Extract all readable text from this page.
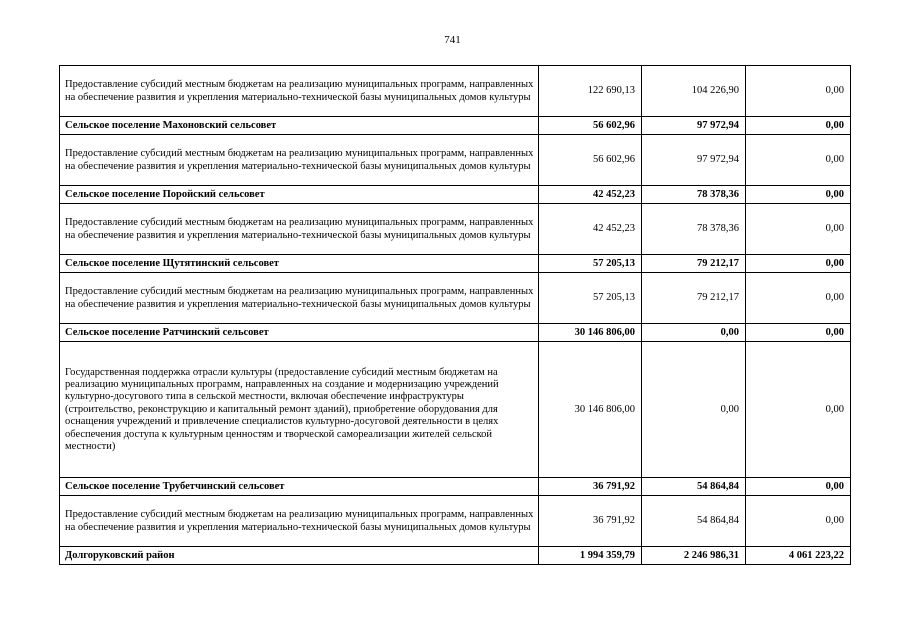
741
Предоставление субсидий местным бюджетам на реализацию муниципальных программ, направленных на обеспечение развития и укрепления материально-технической базы муниципальных домов культуры	122 690,13	104 226,90	0,00
Сельское поселение Махоновский сельсовет	56 602,96	97 972,94	0,00
Предоставление субсидий местным бюджетам на реализацию муниципальных программ, направленных на обеспечение развития и укрепления материально-технической базы муниципальных домов культуры	56 602,96	97 972,94	0,00
Сельское поселение Поройский сельсовет	42 452,23	78 378,36	0,00
Предоставление субсидий местным бюджетам на реализацию муниципальных программ, направленных на обеспечение развития и укрепления материально-технической базы муниципальных домов культуры	42 452,23	78 378,36	0,00
Сельское поселение Щутятинский сельсовет	57 205,13	79 212,17	0,00
Предоставление субсидий местным бюджетам на реализацию муниципальных программ, направленных на обеспечение развития и укрепления материально-технической базы муниципальных домов культуры	57 205,13	79 212,17	0,00
Сельское поселение Ратчинский сельсовет	30 146 806,00	0,00	0,00
Государственная поддержка отрасли культуры (предоставление субсидий местным бюджетам на реализацию муниципальных программ, направленных на создание и модернизацию учреждений культурно-досугового типа в сельской местности, включая обеспечение инфраструктуры (строительство, реконструкцию и капитальный ремонт зданий), приобретение оборудования для оснащения учреждений и привлечение специалистов культурно-досуговой деятельности в целях обеспечения доступа к культурным ценностям и творческой самореализации жителей сельской местности)	30 146 806,00	0,00	0,00
Сельское поселение Трубетчинский сельсовет	36 791,92	54 864,84	0,00
Предоставление субсидий местным бюджетам на реализацию муниципальных программ, направленных на обеспечение развития и укрепления материально-технической базы муниципальных домов культуры	36 791,92	54 864,84	0,00
Долгоруковский район	1 994 359,79	2 246 986,31	4 061 223,22
